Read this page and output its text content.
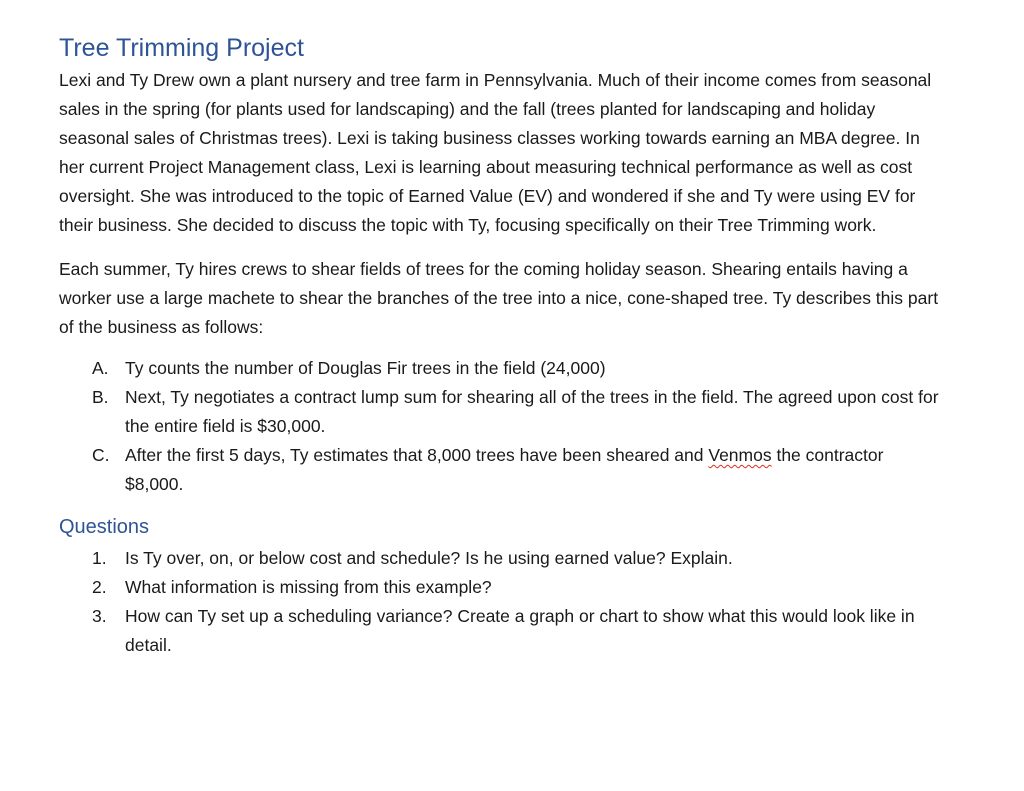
Tree Trimming Project

Lexi and Ty Drew own a plant nursery and tree farm in Pennsylvania. Much of their income comes from seasonal sales in the spring (for plants used for landscaping) and the fall (trees planted for landscaping and holiday seasonal sales of Christmas trees). Lexi is taking business classes working towards earning an MBA degree. In her current Project Management class, Lexi is learning about measuring technical performance as well as cost oversight. She was introduced to the topic of Earned Value (EV) and wondered if she and Ty were using EV for their business. She decided to discuss the topic with Ty, focusing specifically on their Tree Trimming work.

Each summer, Ty hires crews to shear fields of trees for the coming holiday season. Shearing entails having a worker use a large machete to shear the branches of the tree into a nice, cone-shaped tree. Ty describes this part of the business as follows:

A. Ty counts the number of Douglas Fir trees in the field (24,000)
B. Next, Ty negotiates a contract lump sum for shearing all of the trees in the field. The agreed upon cost for the entire field is $30,000.
C. After the first 5 days, Ty estimates that 8,000 trees have been sheared and Venmos the contractor $8,000.
Questions
1. Is Ty over, on, or below cost and schedule? Is he using earned value? Explain.
2. What information is missing from this example?
3. How can Ty set up a scheduling variance? Create a graph or chart to show what this would look like in detail.
